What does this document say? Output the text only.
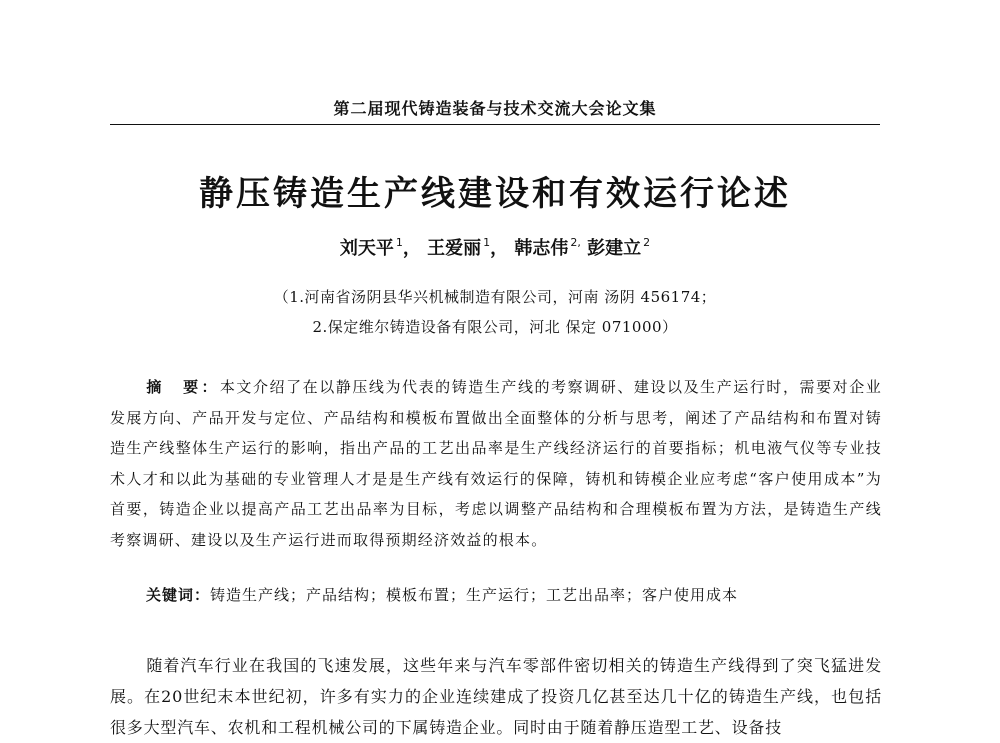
第二届现代铸造装备与技术交流大会论文集
静压铸造生产线建设和有效运行论述
刘天平 $^1$， 王爱丽 $^1$， 韩志伟 $^{2,}$ 彭建立 $^2$
（1.河南省汤阴县华兴机械制造有限公司，河南 汤阴 456174；
2.保定维尔铸造设备有限公司，河北 保定 071000）
摘　要：本文介绍了在以静压线为代表的铸造生产线的考察调研、建设以及生产运行时，需要对企业发展方向、产品开发与定位、产品结构和模板布置做出全面整体的分析与思考，阐述了产品结构和布置对铸造生产线整体生产运行的影响，指出产品的工艺出品率是生产线经济运行的首要指标；机电液气仪等专业技术人才和以此为基础的专业管理人才是是生产线有效运行的保障，铸机和铸模企业应考虑“客户使用成本”为首要，铸造企业以提高产品工艺出品率为目标，考虑以调整产品结构和合理模板布置为方法，是铸造生产线考察调研、建设以及生产运行进而取得预期经济效益的根本。
关键词：铸造生产线；产品结构；模板布置；生产运行；工艺出品率；客户使用成本
随着汽车行业在我国的飞速发展，这些年来与汽车零部件密切相关的铸造生产线得到了突飞猛进发展。在20世纪末本世纪初，许多有实力的企业连续建成了投资几亿甚至达几十亿的铸造生产线，也包括很多大型汽车、农机和工程机械公司的下属铸造企业。同时由于随着静压造型工艺、设备技
